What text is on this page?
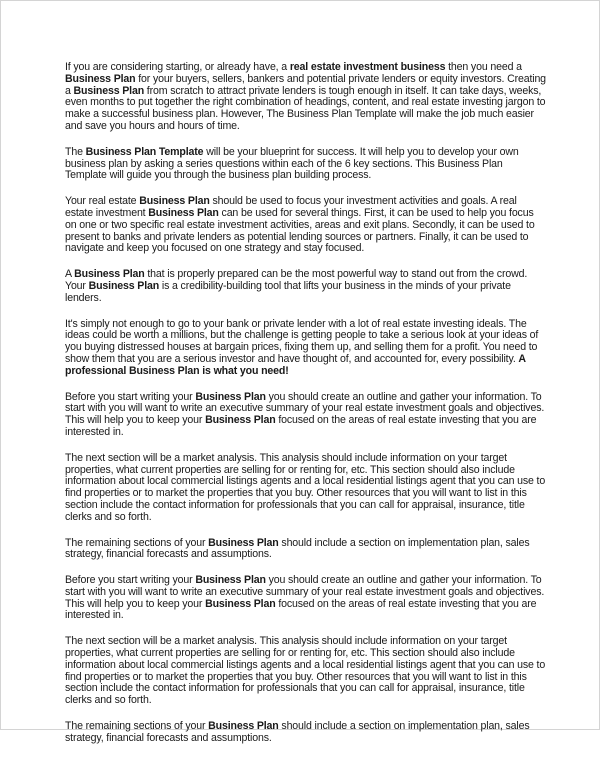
If you are considering starting, or already have, a real estate investment business then you need a Business Plan for your buyers, sellers, bankers and potential private lenders or equity investors. Creating a Business Plan from scratch to attract private lenders is tough enough in itself. It can take days, weeks, even months to put together the right combination of headings, content, and real estate investing jargon to make a successful business plan. However, The Business Plan Template will make the job much easier and save you hours and hours of time.

The Business Plan Template will be your blueprint for success. It will help you to develop your own business plan by asking a series questions within each of the 6 key sections. This Business Plan Template will guide you through the business plan building process.

Your real estate Business Plan should be used to focus your investment activities and goals. A real estate investment Business Plan can be used for several things. First, it can be used to help you focus on one or two specific real estate investment activities, areas and exit plans. Secondly, it can be used to present to banks and private lenders as potential lending sources or partners. Finally, it can be used to navigate and keep you focused on one strategy and stay focused.

A Business Plan that is properly prepared can be the most powerful way to stand out from the crowd. Your Business Plan is a credibility-building tool that lifts your business in the minds of your private lenders.

It's simply not enough to go to your bank or private lender with a lot of real estate investing ideals. The ideas could be worth a millions, but the challenge is getting people to take a serious look at your ideas of you buying distressed houses at bargain prices, fixing them up, and selling them for a profit. You need to show them that you are a serious investor and have thought of, and accounted for, every possibility. A professional Business Plan is what you need!

Before you start writing your Business Plan you should create an outline and gather your information. To start with you will want to write an executive summary of your real estate investment goals and objectives. This will help you to keep your Business Plan focused on the areas of real estate investing that you are interested in.

The next section will be a market analysis. This analysis should include information on your target properties, what current properties are selling for or renting for, etc. This section should also include information about local commercial listings agents and a local residential listings agent that you can use to find properties or to market the properties that you buy. Other resources that you will want to list in this section include the contact information for professionals that you can call for appraisal, insurance, title clerks and so forth.

The remaining sections of your Business Plan should include a section on implementation plan, sales strategy, financial forecasts and assumptions.

Before you start writing your Business Plan you should create an outline and gather your information. To start with you will want to write an executive summary of your real estate investment goals and objectives. This will help you to keep your Business Plan focused on the areas of real estate investing that you are interested in.

The next section will be a market analysis. This analysis should include information on your target properties, what current properties are selling for or renting for, etc. This section should also include information about local commercial listings agents and a local residential listings agent that you can use to find properties or to market the properties that you buy. Other resources that you will want to list in this section include the contact information for professionals that you can call for appraisal, insurance, title clerks and so forth.

The remaining sections of your Business Plan should include a section on implementation plan, sales strategy, financial forecasts and assumptions.
